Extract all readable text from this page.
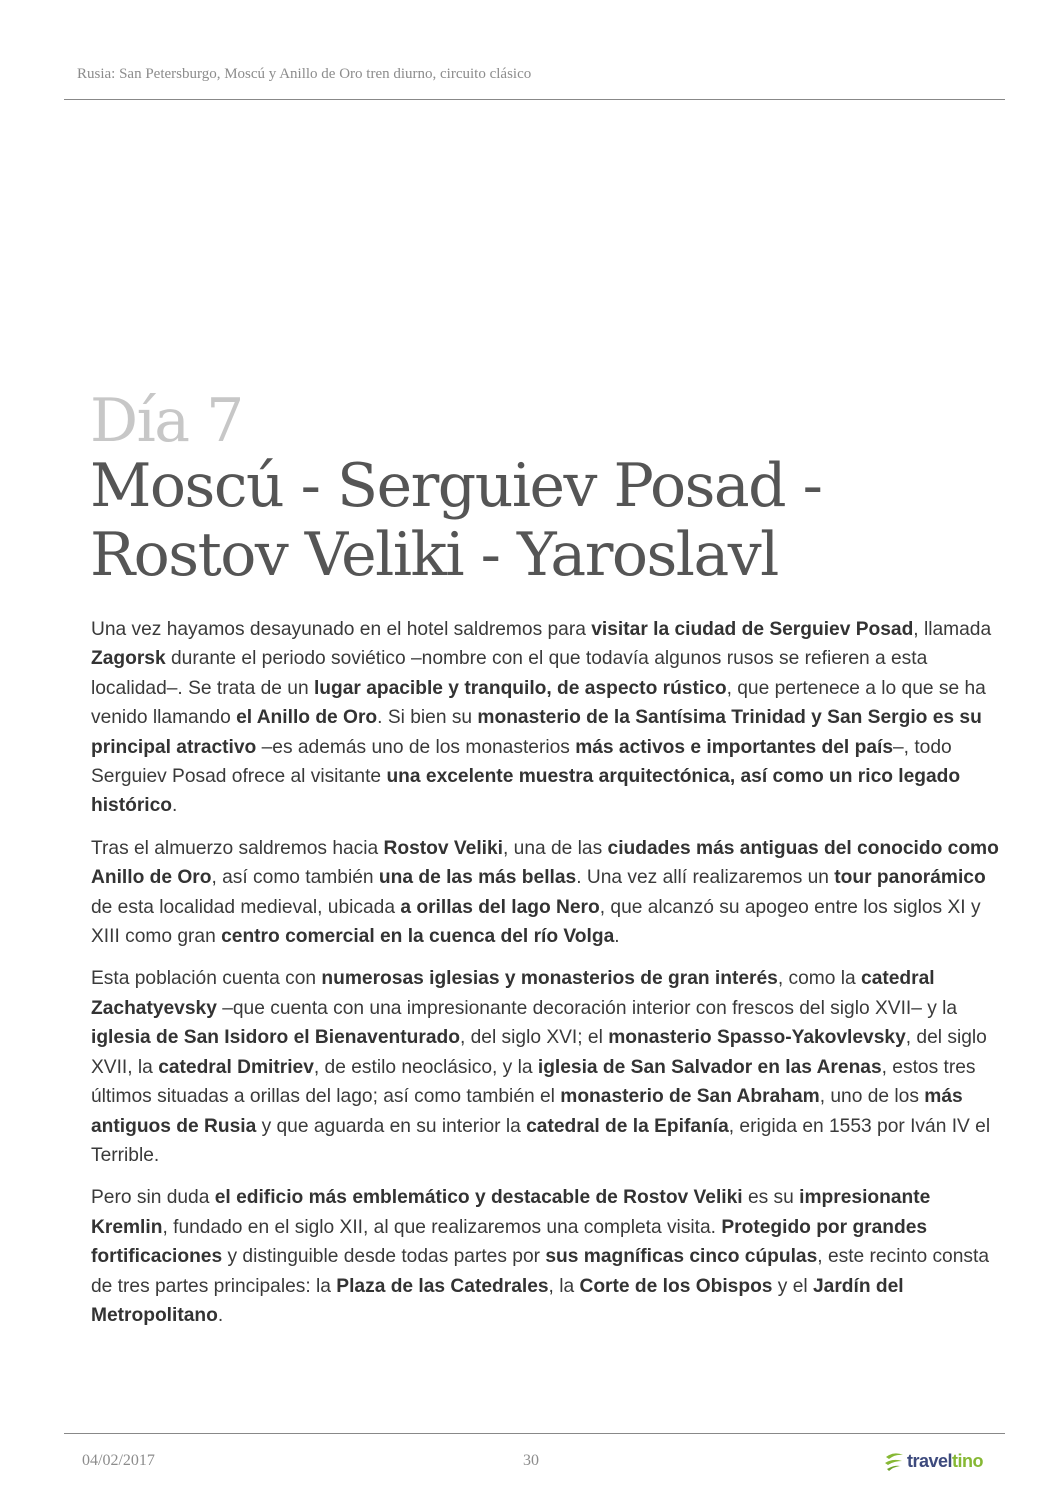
Rusia: San Petersburgo, Moscú y Anillo de Oro tren diurno, circuito clásico
Día 7
Moscú - Serguiev Posad -
Rostov Veliki - Yaroslavl

Una vez hayamos desayunado en el hotel saldremos para visitar la ciudad de Serguiev Posad, llamada Zagorsk durante el periodo soviético –nombre con el que todavía algunos rusos se refieren a esta localidad–. Se trata de un lugar apacible y tranquilo, de aspecto rústico, que pertenece a lo que se ha venido llamando el Anillo de Oro. Si bien su monasterio de la Santísima Trinidad y San Sergio es su principal atractivo –es además uno de los monasterios más activos e importantes del país–, todo Serguiev Posad ofrece al visitante una excelente muestra arquitectónica, así como un rico legado histórico.

Tras el almuerzo saldremos hacia Rostov Veliki, una de las ciudades más antiguas del conocido como Anillo de Oro, así como también una de las más bellas. Una vez allí realizaremos un tour panorámico de esta localidad medieval, ubicada a orillas del lago Nero, que alcanzó su apogeo entre los siglos XI y XIII como gran centro comercial en la cuenca del río Volga.

Esta población cuenta con numerosas iglesias y monasterios de gran interés, como la catedral Zachatyevsky –que cuenta con una impresionante decoración interior con frescos del siglo XVII– y la iglesia de San Isidoro el Bienaventurado, del siglo XVI; el monasterio Spasso-Yakovlevsky, del siglo XVII, la catedral Dmitriev, de estilo neoclásico, y la iglesia de San Salvador en las Arenas, estos tres últimos situadas a orillas del lago; así como también el monasterio de San Abraham, uno de los más antiguos de Rusia y que aguarda en su interior la catedral de la Epifanía, erigida en 1553 por Iván IV el Terrible.

Pero sin duda el edificio más emblemático y destacable de Rostov Veliki es su impresionante Kremlin, fundado en el siglo XII, al que realizaremos una completa visita. Protegido por grandes fortificaciones y distinguible desde todas partes por sus magníficas cinco cúpulas, este recinto consta de tres partes principales: la Plaza de las Catedrales, la Corte de los Obispos y el Jardín del Metropolitano.

04/02/2017	30	traveltino
